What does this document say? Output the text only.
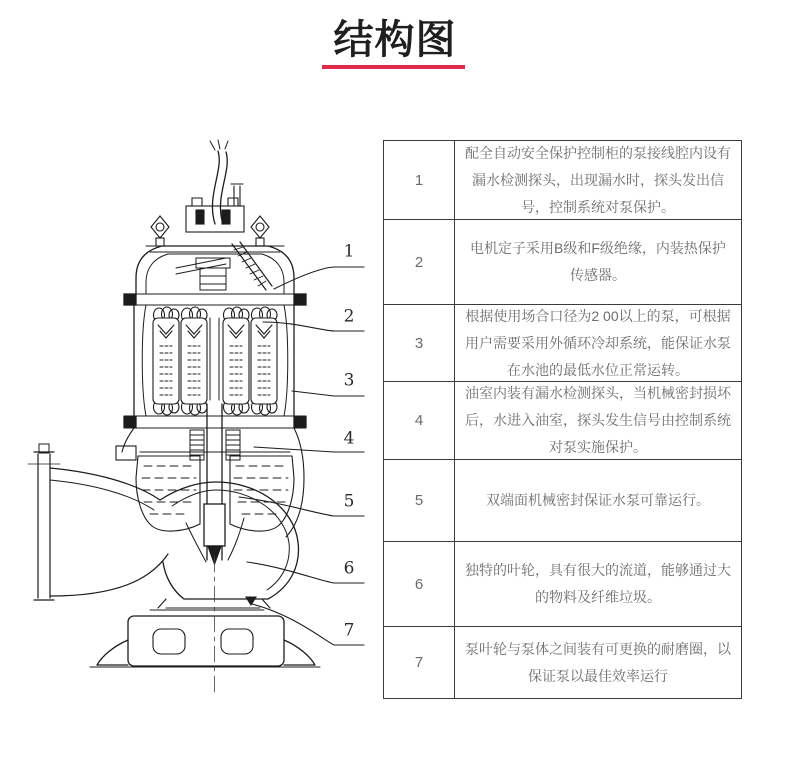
结构图
1
2
3
4
5
6
7
1
配全自动安全保护控制柜的泵接线腔内设有漏水检测探头，出现漏水时，探头发出信号，控制系统对泵保护。
2
电机定子采用B级和F级绝缘，内装热保护传感器。
3
根据使用场合口径为2 00以上的泵，可根据用户需要采用外循环冷却系统，能保证水泵在水池的最低水位正常运转。
4
油室内装有漏水检测探头，当机械密封损坏后，水进入油室，探头发生信号由控制系统对泵实施保护。
5	双端面机械密封保证水泵可靠运行。
6
独特的叶轮，具有很大的流道，能够通过大的物料及纤维垃圾。
7
泵叶轮与泵体之间装有可更换的耐磨圈，以保证泵以最佳效率运行
